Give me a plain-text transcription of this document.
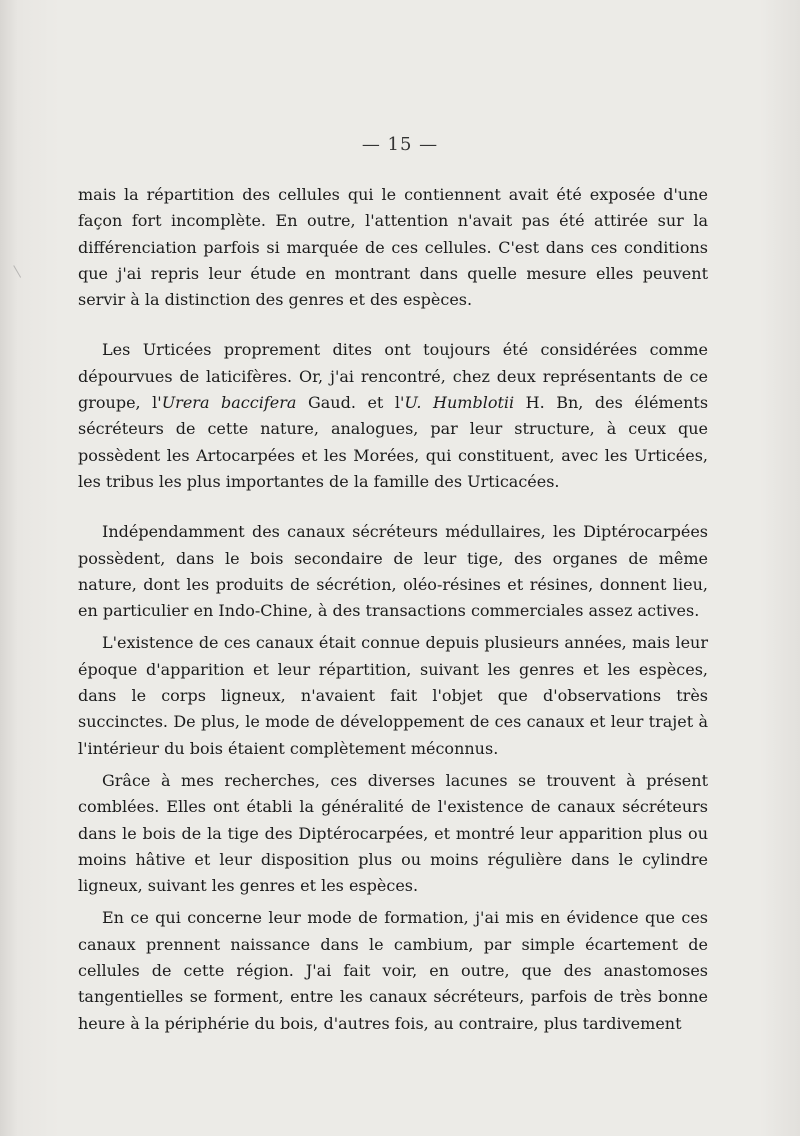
— 15 —

mais la répartition des cellules qui le contiennent avait été exposée d'une façon fort incomplète. En outre, l'attention n'avait pas été attirée sur la différenciation parfois si marquée de ces cellules. C'est dans ces conditions que j'ai repris leur étude en montrant dans quelle mesure elles peuvent servir à la distinction des genres et des espèces.

Les Urticées proprement dites ont toujours été considérées comme dépourvues de laticifères. Or, j'ai rencontré, chez deux représentants de ce groupe, l'Urera baccifera Gaud. et l'U. Humblotii H. Bn, des éléments sécréteurs de cette nature, analogues, par leur structure, à ceux que possèdent les Artocarpées et les Morées, qui constituent, avec les Urticées, les tribus les plus importantes de la famille des Urticacées.

Indépendamment des canaux sécréteurs médullaires, les Diptérocarpées possèdent, dans le bois secondaire de leur tige, des organes de même nature, dont les produits de sécrétion, oléo-résines et résines, donnent lieu, en particulier en Indo-Chine, à des transactions commerciales assez actives.

L'existence de ces canaux était connue depuis plusieurs années, mais leur époque d'apparition et leur répartition, suivant les genres et les espèces, dans le corps ligneux, n'avaient fait l'objet que d'observations très succinctes. De plus, le mode de développement de ces canaux et leur trajet à l'intérieur du bois étaient complètement méconnus.

Grâce à mes recherches, ces diverses lacunes se trouvent à présent comblées. Elles ont établi la généralité de l'existence de canaux sécréteurs dans le bois de la tige des Diptérocarpées, et montré leur apparition plus ou moins hâtive et leur disposition plus ou moins régulière dans le cylindre ligneux, suivant les genres et les espèces.

En ce qui concerne leur mode de formation, j'ai mis en évidence que ces canaux prennent naissance dans le cambium, par simple écartement de cellules de cette région. J'ai fait voir, en outre, que des anastomoses tangentielles se forment, entre les canaux sécréteurs, parfois de très bonne heure à la périphérie du bois, d'autres fois, au contraire, plus tardivement
